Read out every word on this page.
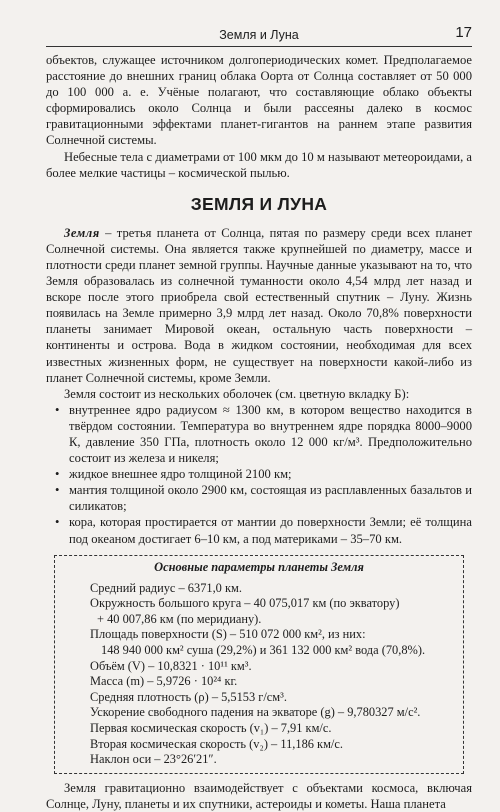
Земля и Луна	17

объектов, служащее источником долгопериодических комет. Предполагаемое расстояние до внешних границ облака Оорта от Солнца составляет от 50 000 до 100 000 а. е. Учёные полагают, что составляющие облако объекты сформировались около Солнца и были рассеяны далеко в космос гравитационными эффектами планет-гигантов на раннем этапе развития Солнечной системы.

Небесные тела с диаметрами от 100 мкм до 10 м называют метеороидами, а более мелкие частицы – космической пылью.

ЗЕМЛЯ И ЛУНА

Земля – третья планета от Солнца, пятая по размеру среди всех планет Солнечной системы. Она является также крупнейшей по диаметру, массе и плотности среди планет земной группы. Научные данные указывают на то, что Земля образовалась из солнечной туманности около 4,54 млрд лет назад и вскоре после этого приобрела свой естественный спутник – Луну. Жизнь появилась на Земле примерно 3,9 млрд лет назад. Около 70,8% поверхности планеты занимает Мировой океан, остальную часть поверхности – континенты и острова. Вода в жидком состоянии, необходимая для всех известных жизненных форм, не существует на поверхности какой-либо из планет Солнечной системы, кроме Земли.

Земля состоит из нескольких оболочек (см. цветную вкладку Б):

• внутреннее ядро радиусом ≈ 1300 км, в котором вещество находится в твёрдом состоянии. Температура во внутреннем ядре порядка 8000–9000 К, давление 350 ГПа, плотность около 12 000 кг/м³. Предположительно состоит из железа и никеля;
• жидкое внешнее ядро толщиной 2100 км;
• мантия толщиной около 2900 км, состоящая из расплавленных базальтов и силикатов;
• кора, которая простирается от мантии до поверхности Земли; её толщина под океаном достигает 6–10 км, а под материками – 35–70 км.
Основные параметры планеты Земля
Средний радиус – 6371,0 км.
Окружность большого круга – 40 075,017 км (по экватору)
+ 40 007,86 км (по меридиану).
Площадь поверхности (S) – 510 072 000 км², из них:
148 940 000 км² суша (29,2%) и 361 132 000 км² вода (70,8%).
Объём (V) – 10,8321 · 10¹¹ км³.
Масса (m) – 5,9726 · 10²⁴ кг.
Средняя плотность (ρ) – 5,5153 г/см³.
Ускорение свободного падения на экваторе (g) – 9,780327 м/с².
Первая космическая скорость (v₁) – 7,91 км/с.
Вторая космическая скорость (v₂) – 11,186 км/с.
Наклон оси – 23°26′21″.

Земля гравитационно взаимодействует с объектами космоса, включая Солнце, Луну, планеты и их спутники, астероиды и кометы. Наша планета
